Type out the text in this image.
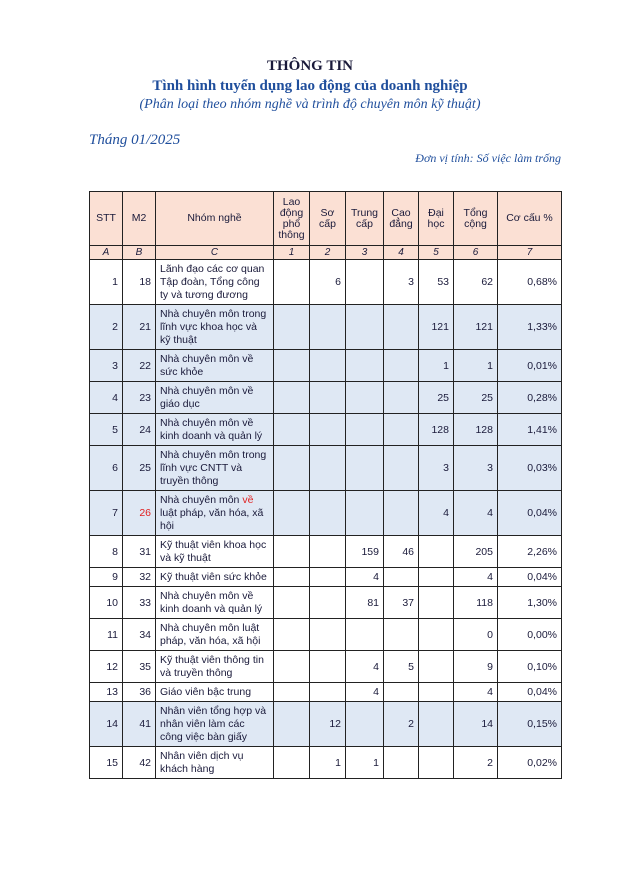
THÔNG TIN
Tình hình tuyển dụng lao động của doanh nghiệp
(Phân loại theo nhóm nghề và trình độ chuyên môn kỹ thuật)
Tháng 01/2025
Đơn vị tính: Số việc làm trống
STT	M2	Nhóm nghề	Lao động phổ thông	Sơ cấp	Trung cấp	Cao đẳng	Đại học	Tổng cộng	Cơ cấu %
A	B	C	1	2	3	4	5	6	7
1	18	Lãnh đạo các cơ quan Tập đoàn, Tổng công ty và tương đương		6		3	53	62	0,68%
2	21	Nhà chuyên môn trong lĩnh vực khoa học và kỹ thuật					121	121	1,33%
3	22	Nhà chuyên môn về sức khỏe					1	1	0,01%
4	23	Nhà chuyên môn về giáo dục					25	25	0,28%
5	24	Nhà chuyên môn về kinh doanh và quản lý					128	128	1,41%
6	25	Nhà chuyên môn trong lĩnh vực CNTT và truyền thông					3	3	0,03%
7	26	Nhà chuyên môn về luật pháp, văn hóa, xã hội					4	4	0,04%
8	31	Kỹ thuật viên khoa học và kỹ thuật			159	46		205	2,26%
9	32	Kỹ thuật viên sức khỏe			4			4	0,04%
10	33	Nhà chuyên môn về kinh doanh và quản lý			81	37		118	1,30%
11	34	Nhà chuyên môn luật pháp, văn hóa, xã hội						0	0,00%
12	35	Kỹ thuật viên thông tin và truyền thông			4	5		9	0,10%
13	36	Giáo viên bậc trung			4			4	0,04%
14	41	Nhân viên tổng hợp và nhân viên làm các công việc bàn giấy		12		2		14	0,15%
15	42	Nhân viên dịch vụ khách hàng		1	1			2	0,02%
